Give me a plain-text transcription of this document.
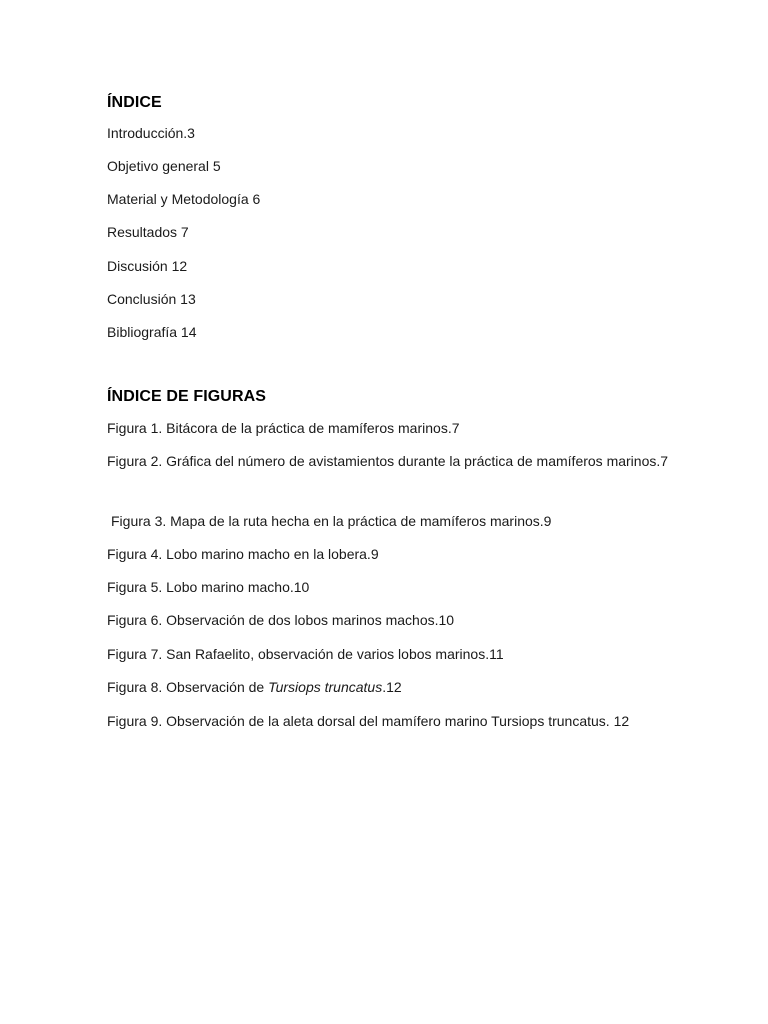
ÍNDICE
Introducción.3
Objetivo general 5
Material y Metodología 6
Resultados 7
Discusión 12
Conclusión 13
Bibliografía 14
ÍNDICE DE FIGURAS
Figura 1. Bitácora de la práctica de mamíferos marinos.7
Figura 2. Gráfica del número de avistamientos durante la práctica de mamíferos marinos.7
Figura 3. Mapa de la ruta hecha en la práctica de mamíferos marinos.9
Figura 4. Lobo marino macho en la lobera.9
Figura 5. Lobo marino macho.10
Figura 6. Observación de dos lobos marinos machos.10
Figura 7. San Rafaelito, observación de varios lobos marinos.11
Figura 8. Observación de Tursiops truncatus.12
Figura 9. Observación de la aleta dorsal del mamífero marino Tursiops truncatus. 12
